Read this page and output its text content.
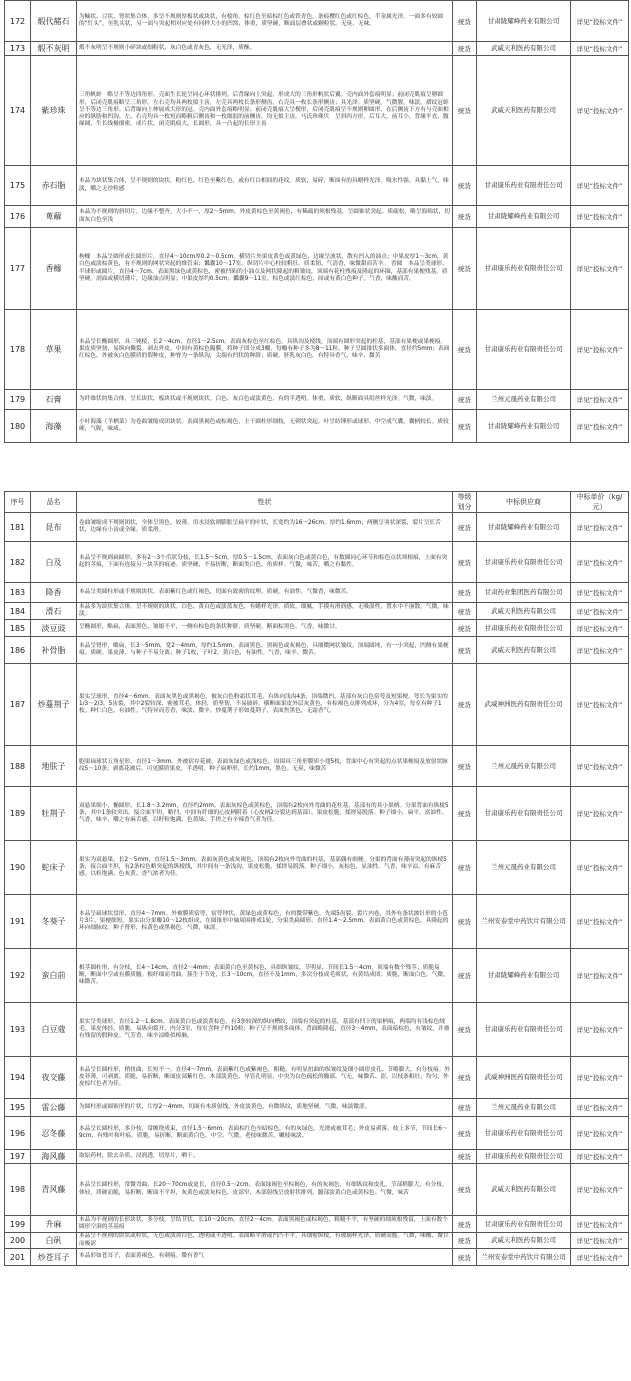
172	煅代赭石	为鲕状、豆状、肾状集合体，多呈不规则厚板状或块状，有棱角。棕红色至暗棕红色或铁青色。条痕樱红色或红棕色，半金属光泽。一面多有较圆的“钉头”，至乳头状，另一面与突起相对应处有同样大小的凹窝，体重，质坚硬，断面层叠状或颗粒状。无臭，无味。	统货	甘肃陇耀峰药业有限公司	详见“投标文件”

173	煅不灰明	煅不灰明呈不规则小碎块或细粉状，灰白色或青灰色，无光泽，质酥。	统货	武威天利医药有限公司	详见“投标文件”

174	紫珍珠	三角帆蚌　略呈不等边四角形。壳面生长轮呈同心环状排列。后背缘向上突起，形成大的三角形帆状后翼。壳内面外套痕明显；前闭壳肌痕呈卵圆形，后闭壳肌痕略呈三角形。左右壳均具两枚拟主齿，左壳具两枚长条形侧齿，右壳具一枚长条形侧齿；具光泽。质坚硬。气微腥，味淡。褶纹冠蚌　呈不等边三角形。后背缘向上伸展成大形的冠。壳内面外套痕略明显；前闭壳肌痕大呈楔形，后闭壳肌痕呈不规则卵圆形，在后侧齿下方有与壳面相应的纵肋和凹沟。左、右壳均具一枚短而略粗后侧齿和一枚细弱的前侧齿，均无拟主齿。马氏珍珠贝　呈斜四方形，后耳大，前耳小，背缘平直，腹缘圆，生长线极细密，成片状。闭壳肌痕大，长圆形，具一凸起的长形主齿	统货	武威天利医药有限公司	详见“投标文件”

175	赤石脂	本品为块状集合体，呈不规则的块状。粉红色、红色至紫红色，或有红白相间的花纹。质软，易碎，断面有的具蜡样光泽。吸水性强。具黏土气，味淡，嚼之无沙粒感	统货	甘肃康乐药业有限责任公司	详见“投标文件”

176	萆薢	本品为不规则的斜切片，边缘不整齐，大小不一，厚2～5mm。外皮黄棕色至黄褐色，有稀疏的须根残基，呈圆锥状突起。质疏松，略呈海绵状，切面灰白色至浅	统货	甘肃陇耀峰药业有限公司	详见“投标文件”

177	香橼	枸橼　本品呈圆形或长圆形片，直径4～10cm厚0.2～0.5cm。横切片外果皮黄色或黄绿色，边缘呈波状，散有凹入的油点；中果皮厚1～3cm，黄白色或淡棕黄色，有不规则的网状突起的维管束；瓤囊10～17室。纵切片中心柱较粗壮。质柔韧。气清香，味微甜而苦辛。 香圆　本品呈类球形，半球形或圆片，直径4～7cm。表面黑绿色或黄棕色，密被凹陷的小油点及网状隆起的粗皱纹，顶端有花柱残痕及隆起的环圈，基部有果梗残基。质坚硬。剖面或横切薄片，边缘油点明显；中果皮厚约0.5cm；瓤囊9～11室，棕色或淡红棕色，间或有黄白色种子。气香，味酸而苦。	统货	甘肃康乐药业有限责任公司	详见“投标文件”

178	草果	本品呈长椭圆形，具三钝棱，长2～4cm，直径1～2.5cm。表面灰棕色至红棕色，具纵沟及棱线，顶端有圆形突起的柱基，基部有果梗或果梗痕。果皮质坚韧，易纵向撕裂。剥去外皮，中间有黄棕色隔膜，将种子团分成3瓣，每瓣有种子多为8～11粒。种子呈圆锥状多面体，直径约5mm；表面红棕色，外被灰白色膜质的假种皮，种脊为一条纵沟，尖端有凹状的种脐；质硬，胚乳灰白色。有特异香气，味辛、微苦	统货	甘肃康乐药业有限责任公司	详见“投标文件”

179	石膏	为纤维状的集合体，呈长块状、板块状或不规则块状。白色、灰白色或淡黄色，有的半透明。体重，质软，纵断面具绢丝样光泽。气微，味淡。	统货	兰州元晟药业有限公司	详见“投标文件”

180	海藻	小叶海藻（羊栖菜）为卷曲皱缩成团块状。表面黑褐色或棕褐色，主干圆柱形细枝，无刺状突起。叶呈纺锤形或球形，中空成气囊，囊柄较长。质较硬，气腥，味咸。	统货	甘肃陇耀峰药业有限公司	详见“投标文件”
序号	品名	性状	等级划分	中标供应商	中标单价（kg/元）

181	昆布	卷曲皱缩成不规则团状，全体呈黑色，较薄。用水浸软则膨胀呈扁平的叶状，长宽约为16～26cm，厚约1.6mm；两侧呈羽状深裂，裂片呈长舌状，边缘有小齿或全缘。质柔滑。	统货	甘肃陇耀峰药业有限公司	详见“投标文件”

182	白及	本品呈不规则扁圆形，多有2～3个爪状分枝，长1.5～5cm，厚0.5～1.5cm。表面灰白色或黄白色，有数圈同心环节和棕色点状须根痕，上面有突起的茎痕，下面有连接另一块茎的痕迹。质坚硬，不易折断，断面类白色，角质样。气微，味苦，嚼之有黏性。	统货	甘肃康乐药业有限责任公司	详见“投标文件”

183	降香	本品呈类圆柱形或不规则块状。表面紫红色或红褐色，切面有致密的纹理。质硬，有油性。气微香，味微苦。	统货	甘肃药业集团医药有限公司	详见“投标文件”

184	滑石	本品多为块状集合体。呈不规则的块状。白色、黄白色或淡蓝灰色，有蜡样光泽。质软，细腻，手摸有滑润感，无吸湿性，置水中不崩散。气微，味淡。	统货	武威天利医药有限公司	详见“投标文件”

185	淡豆豉	呈椭圆形，略扁，表面黑色，皱缩不平，一侧有棕色的条状种脐，质坚硬，断面棕黑色。气香，味微甘。	统货	甘肃康乐药业有限责任公司	详见“投标文件”

186	补骨脂	本品呈肾形，略扁，长3～5mm，宽2～4mm，厚约1.5mm。表面黑色、黑褐色或灰褐色，具细微网状皱纹。顶端圆钝，有一小突起，凹侧有果梗痕。质硬。果皮薄，与种子不易分离；种子1枚，子叶2，黄白色，有油性。气香，味辛、微苦。	统货	武威天利医药有限公司	详见“投标文件”

187	炒蔓荆子	果实呈球形，直径4～6mm。表面灰黑色或黑褐色，被灰白色粉霜状茸毛，有纵向浅沟4条，顶端微凹，基部有灰白色宿萼及短果梗。萼长为果实的1/3～2/3，5齿裂，其中2裂较深，密被茸毛。体轻，质坚韧，不易破碎。横断面果皮外层灰黄色，有棕褐色点排列成环，分为4室，每室有种子1枚。种仁白色，有油性。气特异而芳香，味淡、微辛。炒蔓荆子形如蔓荆子，表面焦黑色，无霜香气。	统货	武威神洲医药有限责任公司	详见“投标文件”

188	地肤子	胞果扁球状五角星形，直径1～3mm。外被宿存花被，表面灰绿色或浅棕色，周围具三角形膜质小翅5枚，背面中心有突起的点状果梗痕及放射状脉纹5～10条；剥离花被后，可见膜质果皮，半透明。种子扁卵形，长约1mm，黑色。无臭，味微苦	统货	兰州元晟药业有限公司	详见“投标文件”

189	牡荆子	双悬果细小，椭圆形，长1.8～3.2mm，直径约2mm。表面灰棕色或黄棕色，顶端有2枚向外弯曲的花柱基，基部有的具小果柄。分果背面有纵棱5条，其中1条较突出，接合面平坦，略凹，中间有纤细的心皮柄附着（心皮柄2分裂达到基部）。果皮松脆，揉搓易脱落。种子细小，扁平，富油性。气香，味辛，嚼之有麻舌感。以籽粒饱满、色黄绿、手搓之有辛辣香气者为佳。	统货	甘肃康乐药业有限责任公司	详见“投标文件”

190	蛇床子	果实为双悬果，长2～5mm，直径1.5～3mm。表面灰黄色或灰褐色，顶端有2枚向外弯曲的柱基，基部偶有细梗。分果的背面有薄而突起的纵棱5条，接合面平坦，有2条棕色略突起的纵棱线，其中间有一条浅沟。果皮松脆，揉搓易脱落。种子细小，灰棕色，显油性。气香，味辛凉，有麻舌感。以粒饱满、色灰黄、香气浓者为佳。	统货	兰州元晟药业有限公司	详见“投标文件”

191	冬葵子	本品呈扁球状盘形，直径4～7mm。外被膜质宿萼，宿萼钟状，黄绿色或黄棕色，有的微带紫色，先端5齿裂，裂片内卷，其外有条状披针形的小苞片3片。果梗细短。果实由分果瓣10～12枚组成，在圆锥形中轴周围排成1轮，分果类扁圆形，直径1.4～2.5mm。表面黄白色或黄棕色，具隆起的环向细脉纹。种子肾形，棕黄色或黑褐色。气微，味涩。	统货	兰州安泰堂中药饮片有限公司	详见“投标文件”

192	蛮白前	根茎圆柱形，有分枝，长4～14cm，直径2～4mm；表面黄白色至黄棕色，具细纵皱纹，节明显，节间长1.5～4cm，顶端有数个残茎；质脆易断，断面中空或有膜质髓。根纤细而弯曲，簇生于节处，长3～10cm，直径不及1mm，多次分枝成毛须状，有黄结成团；质脆，断面白色。气微，味微苦。	统货	甘肃陇耀峰药业有限公司	详见“投标文件”

193	白豆蔻	果实呈类球形，直径1.2～1.8cm。表面黄白色或淡黄棕色，有3条较深的纵向槽纹，顶端有突起的柱基，基部有凹下的果柄痕，两端均有浅棕色绒毛。果皮体轻，质脆，易纵向裂开，内分3室，每室含种子约10粒；种子呈不规则多面体，背面略隆起，直径3～4mm，表面暗棕色，有皱纹，并被有残留的假种皮。气芳香，味辛凉略似樟脑。	统货	甘肃康乐药业有限责任公司	详见“投标文件”

194	夜交藤	本品呈长圆柱形，稍扭曲，长短不一，直径4～7mm。表面紫红色或紫褐色，粗糙，有明显扭曲的纵皱纹及细小圆形皮孔。节略膨大，有分枝痕。外皮菲薄，可剥离。质脆，易折断，断面皮部紫红色，木部淡黄色，导管孔明显，中央为白色疏松的髓部。气无，味微苦、涩。以枝条粗壮，均匀，外皮棕红色者为佳。	统货	武威神洲医药有限责任公司	详见“投标文件”

195	雷公藤	为圆柱形或圆锥形的片状，片厚2～4mm，切面有木质射线，外皮淡黄色，有微纵纹，质地坚硬。气微，味淡微涩。	统货	兰州元晟药业有限公司	详见“投标文件”

196	忍冬藤	本品呈长圆柱形，多分枝，常缠绕成束，直径1.5～6mm。表面棕红色至暗棕色，有的灰绿色，光滑或被茸毛；外皮易剥落。枝上多节，节间长6～9cm，有残叶和叶痕。质脆，易折断，断面黄白色，中空。气微，老枝味微苦，嫩枝味淡。	统货	甘肃康乐药业有限责任公司	详见“投标文件”

197	海风藤	取原药材，除去杂质，浸润透，切厚片，晒干。	统货	甘肃康乐药业有限责任公司	详见“投标文件”

198	青风藤	本品呈长圆柱形，常微弯曲，长20～70cm或更长，直径0.5～2cm。表面绿褐色至棕褐色，有的灰褐色，有细纵纹和皮孔。节部稍膨大，有分枝。体轻，质硬而脆，易折断，断面不平坦，灰黄色或淡灰棕色，皮部窄，木部射线呈放射状排列，髓部淡黄白色或黄棕色。气微，味苦	统货	武威天利医药有限公司	详见“投标文件”

199	升麻	本品为不规则的长形块状，多分枝，呈结节状，长10～20cm，直径2～4cm。表面黑褐色或棕褐色，粗糙不平，有坚硬的细须根残留，上面有数个圆形空洞的茎基痕	统货	甘肃康乐药业有限责任公司	详见“投标文件”

200	白矾	本品呈不规则的块状或粒状。无色或淡黄白色，透明或半透明。表面略平滑或凹凸不平，具细密纵棱，有玻璃样光泽。质硬而脆。气微，味酸、微甘而极涩	统货	武威天利医药有限公司	详见“投标文件”

201	炒苍耳子	本品形如苍耳子，表面黄褐色，有刺痕。微有香气	统货	兰州安泰堂中药饮片有限公司	详见“投标文件”
